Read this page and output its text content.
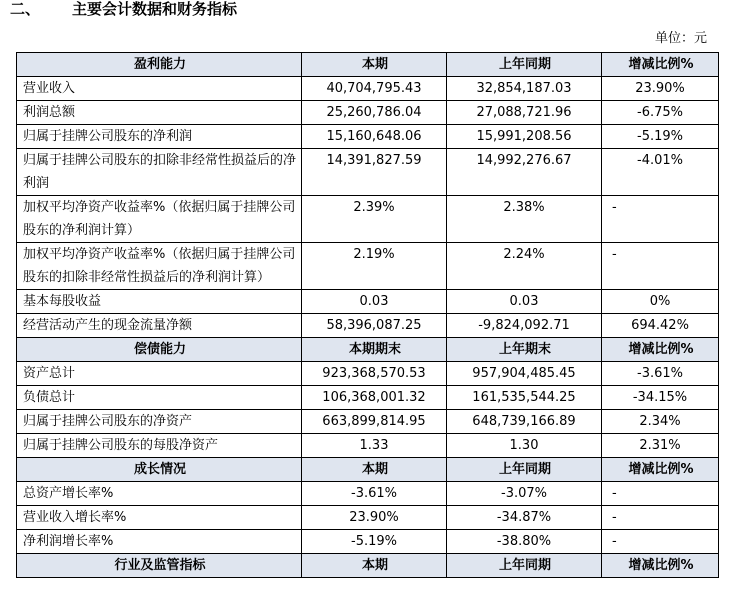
二、 主要会计数据和财务指标
单位：元
盈利能力	本期	上年同期	增减比例%
营业收入	40,704,795.43	32,854,187.03	23.90%
利润总额	25,260,786.04	27,088,721.96	-6.75%
归属于挂牌公司股东的净利润	15,160,648.06	15,991,208.56	-5.19%
归属于挂牌公司股东的扣除非经常性损益后的净利润	14,391,827.59	14,992,276.67	-4.01%
加权平均净资产收益率%（依据归属于挂牌公司股东的净利润计算）	2.39%	2.38%	-
加权平均净资产收益率%（依据归属于挂牌公司股东的扣除非经常性损益后的净利润计算）	2.19%	2.24%	-
基本每股收益	0.03	0.03	0%
经营活动产生的现金流量净额	58,396,087.25	-9,824,092.71	694.42%
偿债能力	本期期末	上年期末	增减比例%
资产总计	923,368,570.53	957,904,485.45	-3.61%
负债总计	106,368,001.32	161,535,544.25	-34.15%
归属于挂牌公司股东的净资产	663,899,814.95	648,739,166.89	2.34%
归属于挂牌公司股东的每股净资产	1.33	1.30	2.31%
成长情况	本期	上年同期	增减比例%
总资产增长率%	-3.61%	-3.07%	-
营业收入增长率%	23.90%	-34.87%	-
净利润增长率%	-5.19%	-38.80%	-
行业及监管指标	本期	上年同期	增减比例%
